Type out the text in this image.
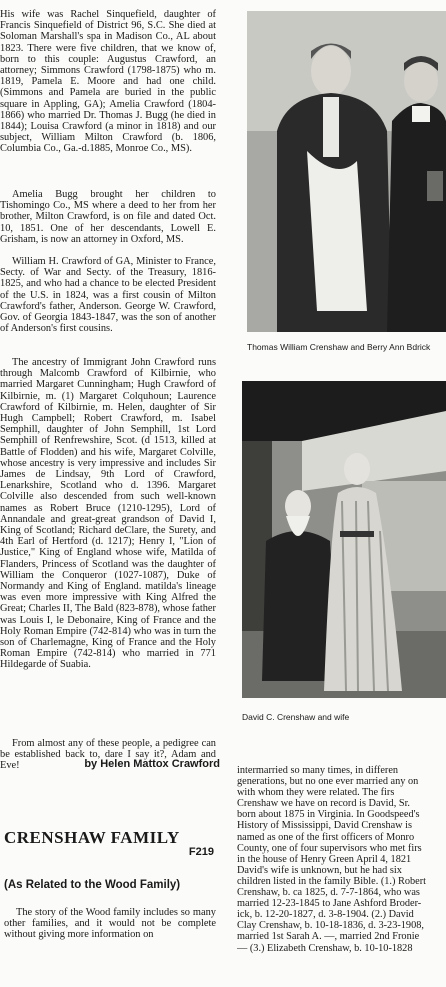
His wife was Rachel Sinquefield, daughter of Francis Sinquefield of District 96, S.C. She died at Soloman Marshall's spa in Madison Co., AL about 1823. There were five children, that we know of, born to this couple: Augustus Crawford, an attorney; Simmons Crawford (1798-1875) who m. 1819, Pamela E. Moore and had one child. (Simmons and Pamela are buried in the public square in Appling, GA); Amelia Crawford (1804-1866) who married Dr. Thomas J. Bugg (he died in 1844); Louisa Crawford (a minor in 1818) and our subject, William Milton Crawford (b. 1806, Columbia Co., Ga.-d.1885, Monroe Co., MS).
Amelia Bugg brought her children to Tishomingo Co., MS where a deed to her from her brother, Milton Crawford, is on file and dated Oct. 10, 1851. One of her descendants, Lowell E. Grisham, is now an attorney in Oxford, MS.
William H. Crawford of GA, Minister to France, Secty. of War and Secty. of the Treasury, 1816-1825, and who had a chance to be elected President of the U.S. in 1824, was a first cousin of Milton Crawford's father, Anderson. George W. Crawford, Gov. of Georgia 1843-1847, was the son of another of Anderson's first cousins.
The ancestry of Immigrant John Crawford runs through Malcomb Crawford of Kilbirnie, who married Margaret Cunningham; Hugh Crawford of Kilbirnie, m. (1) Margaret Colquhoun; Laurence Crawford of Kilbirnie, m. Helen, daughter of Sir Hugh Campbell; Robert Crawford, m. Isabel Semphill, daughter of John Semphill, 1st Lord Semphill of Renfrewshire, Scot. (d 1513, killed at Battle of Flodden) and his wife, Margaret Colville, whose ancestry is very impressive and includes Sir James de Lindsay, 9th Lord of Crawford, Lenarkshire, Scotland who d. 1396. Margaret Colville also descended from such well-known names as Robert Bruce (1210-1295), Lord of Annandale and great-great grandson of David I, King of Scotland; Richard deClare, the Surety, and 4th Earl of Hertford (d. 1217); Henry I, "Lion of Justice," King of England whose wife, Matilda of Flanders, Princess of Scotland was the daughter of William the Conqueror (1027-1087), Duke of Normandy and King of England. matilda's lineage was even more impressive with King Alfred the Great; Charles II, The Bald (823-878), whose father was Louis I, le Debonaire, King of France and the Holy Roman Empire (742-814) who was in turn the son of Charlemagne, King of France and the Holy Roman Empire (742-814) who married in 771 Hildegarde of Suabia.
From almost any of these people, a pedigree can be established back to, dare I say it?, Adam and Eve!	by Helen Mattox Crawford
CRENSHAW FAMILY
F219
(As Related to the Wood Family)
The story of the Wood family includes so many other families, and it would not be complete without giving more information on
Thomas William Crenshaw and Berry Ann Bdrick
David C. Crenshaw and wife
intermarried so many times, in differen
generations, but no one ever married any on
with whom they were related. The firs
Crenshaw we have on record is David, Sr.
born about 1875 in Virginia. In Goodspeed's
History of Mississippi, David Crenshaw is
named as one of the first officers of Monro
County, one of four supervisors who met firs
in the house of Henry Green April 4, 1821
David's wife is unknown, but he had six
children listed in the family Bible. (1.) Robert
Crenshaw, b. ca 1825, d. 7-7-1864, who was
married 12-23-1845 to Jane Ashford Broder-
ick, b. 12-20-1827, d. 3-8-1904. (2.) David
Clay Crenshaw, b. 10-18-1836, d. 3-23-1908,
married 1st Sarah A. —, married 2nd Fronie
— (3.) Elizabeth Crenshaw, b. 10-10-1828
